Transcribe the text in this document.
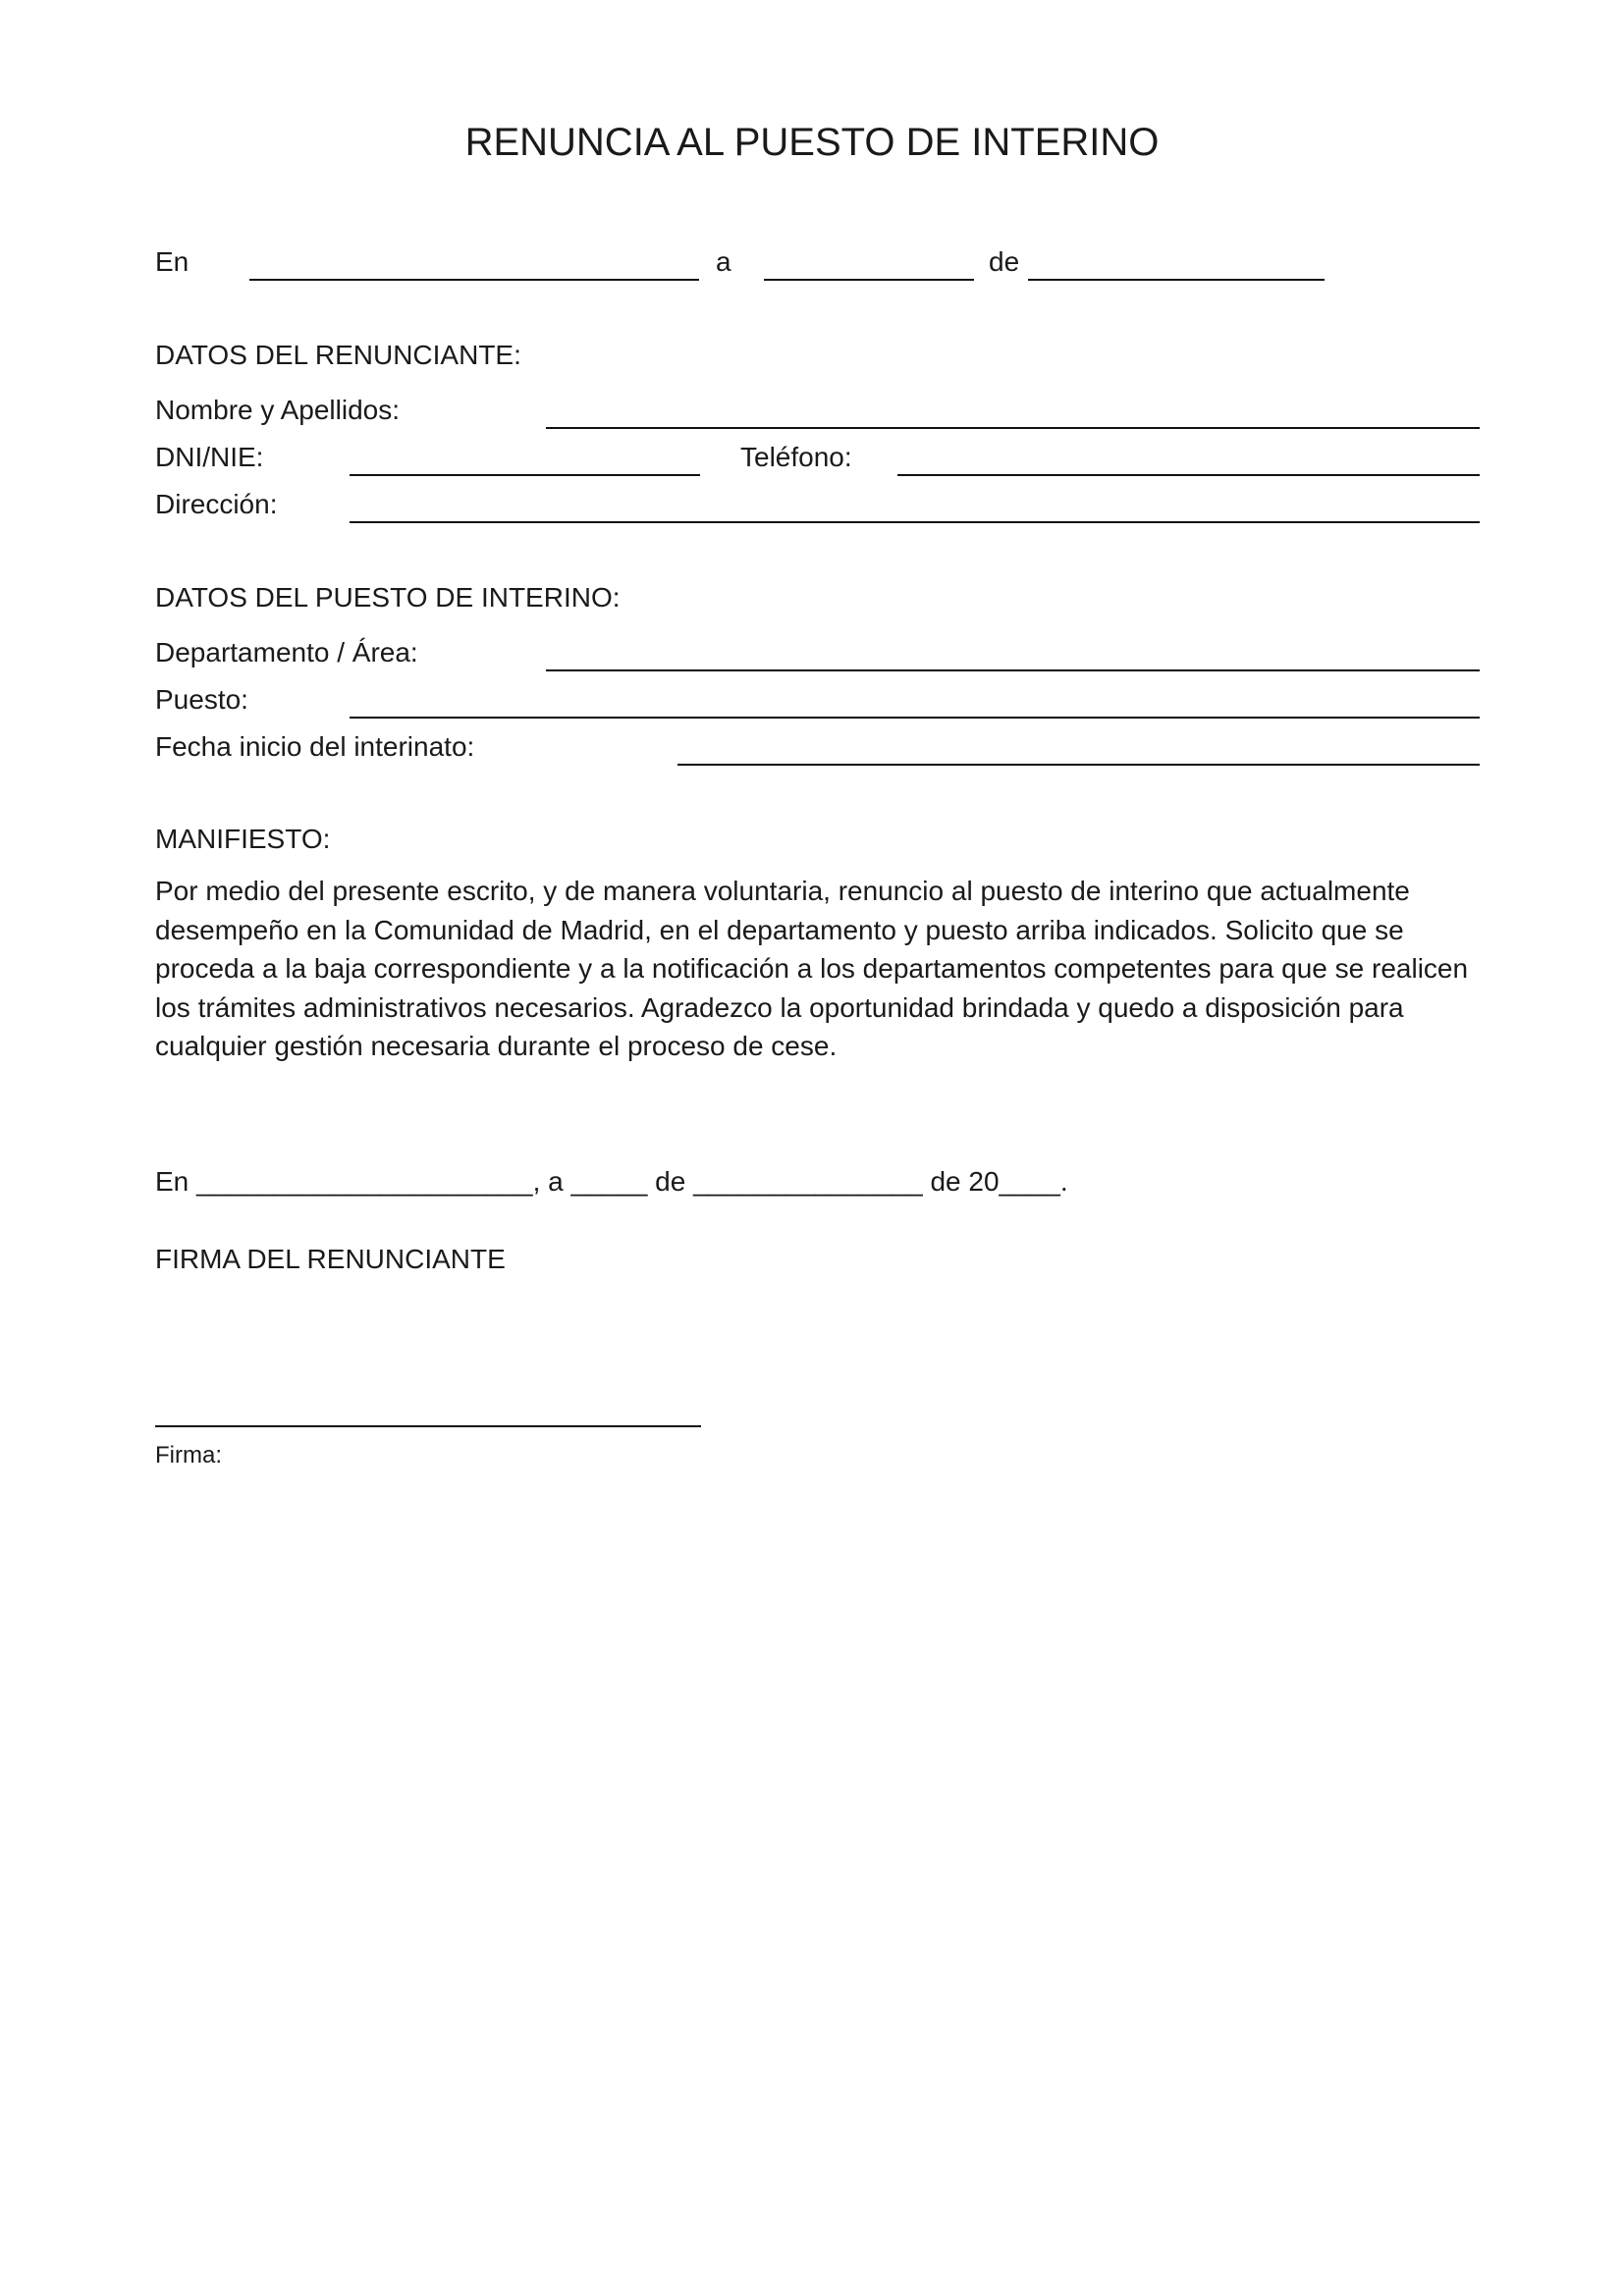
RENUNCIA AL PUESTO DE INTERINO
En	a	de
DATOS DEL RENUNCIANTE:
Nombre y Apellidos:
DNI/NIE:	Teléfono:
Dirección:
DATOS DEL PUESTO DE INTERINO:
Departamento / Área:
Puesto:
Fecha inicio del interinato:
MANIFIESTO:
Por medio del presente escrito, y de manera voluntaria, renuncio al puesto de interino que actualmente desempeño en la Comunidad de Madrid, en el departamento y puesto arriba indicados. Solicito que se proceda a la baja correspondiente y a la notificación a los departamentos competentes para que se realicen los trámites administrativos necesarios. Agradezco la oportunidad brindada y quedo a disposición para cualquier gestión necesaria durante el proceso de cese.
En ______________________, a _____ de _______________ de 20____.
FIRMA DEL RENUNCIANTE
Firma:
